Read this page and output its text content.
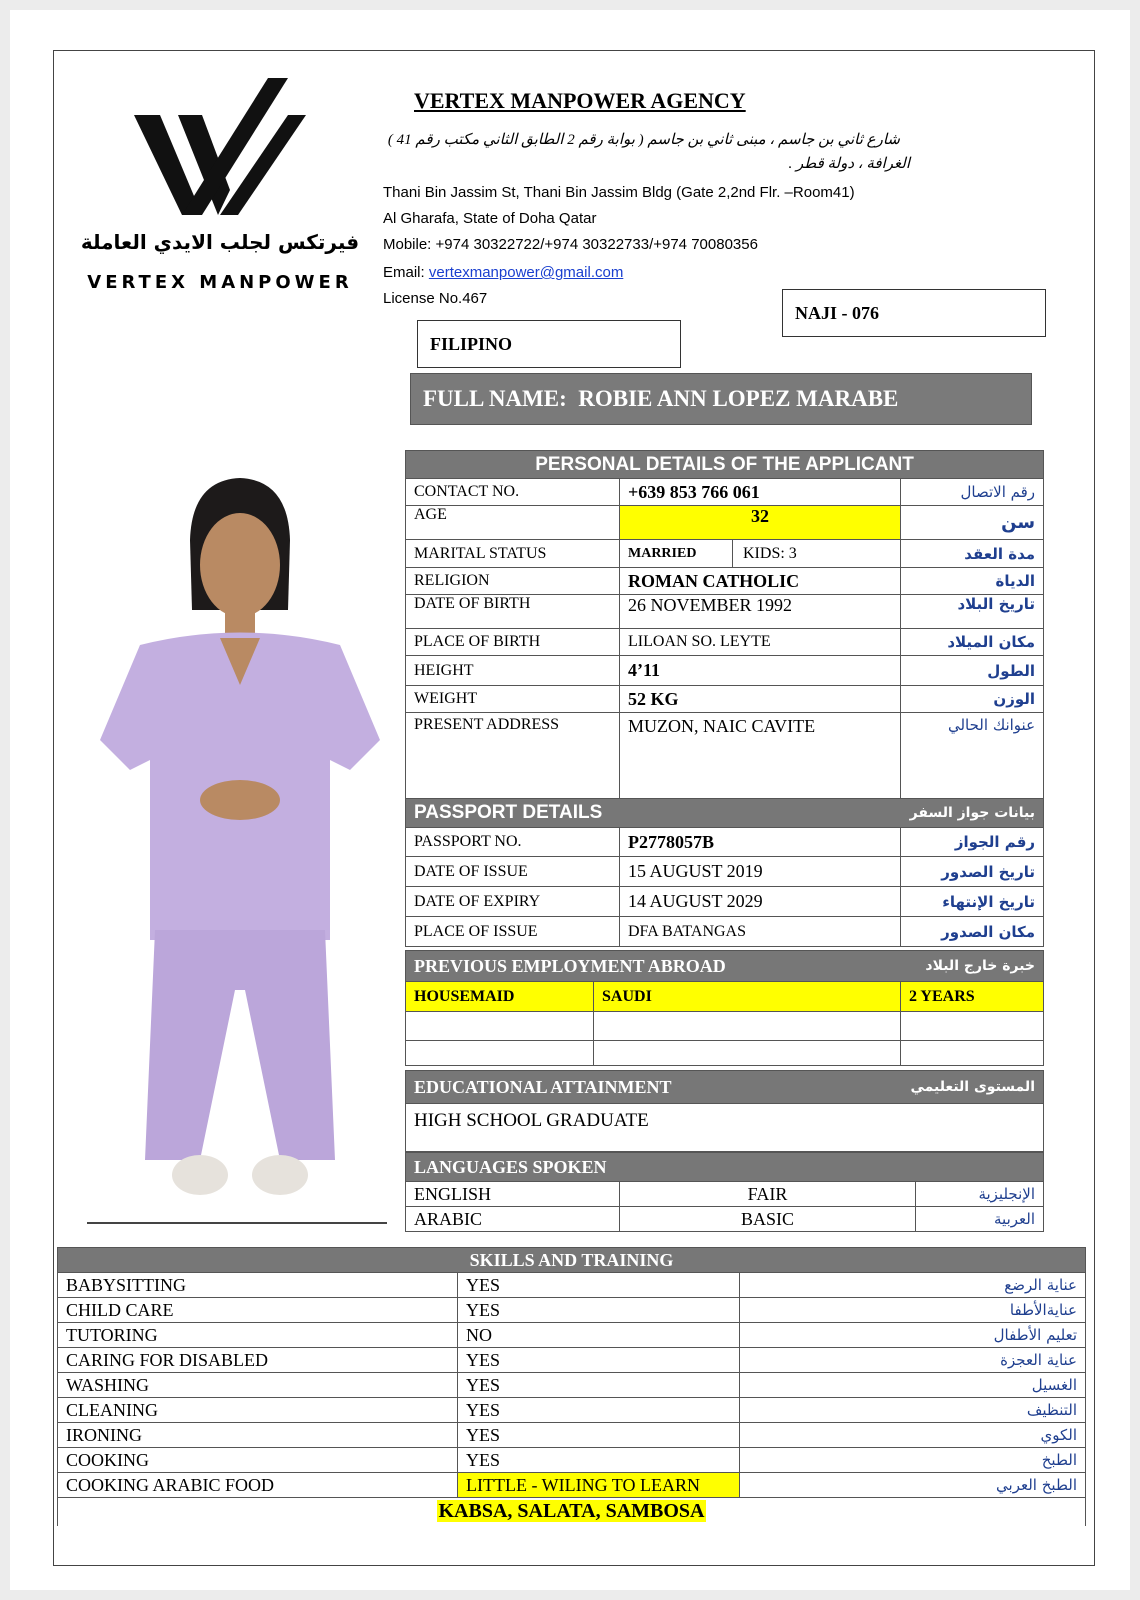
فيرتكس لجلب الايدي العاملة
VERTEX MANPOWER
VERTEX MANPOWER AGENCY
شارع ثاني بن جاسم ، مبنى ثاني بن جاسم ( بوابة رقم 2 الطابق الثاني مكتب رقم 41 )
الغرافة ، دولة قطر .
Thani Bin Jassim St, Thani Bin Jassim Bldg (Gate 2,2nd Flr. –Room41)
Al Gharafa, State of Doha Qatar
Mobile: +974 30322722/+974 30322733/+974 70080356
Email: vertexmanpower@gmail.com
License No.467
NAJI - 076
FILIPINO
FULL NAME:
ROBIE ANN LOPEZ MARABE
PERSONAL DETAILS OF THE APPLICANT		
CONTACT NO.	+639 853 766 061	رقم الاتصال
AGE	32	سن
MARITAL STATUS	MARRIED KIDS: 3	مدة العقد
RELIGION	ROMAN CATHOLIC	الدياة
DATE OF BIRTH	26 NOVEMBER 1992	تاريخ البلاد
PLACE OF BIRTH	LILOAN SO. LEYTE	مكان الميلاد
HEIGHT	4’11	الطول
WEIGHT	52 KG	الوزن
PRESENT ADDRESS	MUZON, NAIC CAVITE	عنوانك الحالي
PASSPORT DETAILS		بيانات جواز السفر
PASSPORT NO.	P2778057B	رقم الجواز
DATE OF ISSUE	15 AUGUST 2019	تاريخ الصدور
DATE OF EXPIRY	14 AUGUST 2029	تاريخ الإنتهاء
PLACE OF ISSUE	DFA BATANGAS	مكان الصدور
PREVIOUS EMPLOYMENT ABROAD		خبرة خارج البلاد
HOUSEMAID	SAUDI	2 YEARS

EDUCATIONAL ATTAINMENT	المستوى التعليمي
HIGH SCHOOL GRADUATE
LANGUAGES SPOKEN		
ENGLISH	FAIR	الإنجليزية
ARABIC	BASIC	العربية
SKILLS AND TRAINING		
BABYSITTING	YES	عناية الرضع
CHILD CARE	YES	عنايةالأطفا
TUTORING	NO	تعليم الأطفال
CARING FOR DISABLED	YES	عناية العجزة
WASHING	YES	الغسيل
CLEANING	YES	التنظيف
IRONING	YES	الكوي
COOKING	YES	الطبخ
COOKING ARABIC FOOD	LITTLE - WILING TO LEARN	الطبخ العربي
KABSA, SALATA, SAMBOSA		
